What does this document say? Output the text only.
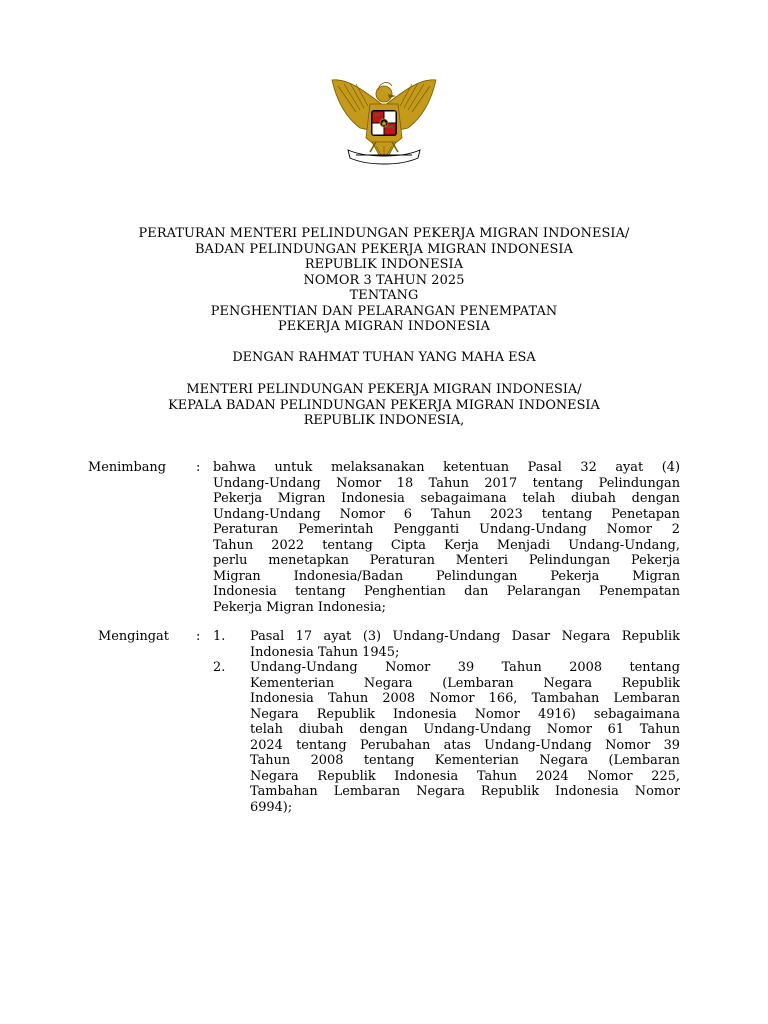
PERATURAN MENTERI PELINDUNGAN PEKERJA MIGRAN INDONESIA/
BADAN PELINDUNGAN PEKERJA MIGRAN INDONESIA
REPUBLIK INDONESIA
NOMOR 3 TAHUN 2025
TENTANG
PENGHENTIAN DAN PELARANGAN PENEMPATAN
PEKERJA MIGRAN INDONESIA
DENGAN RAHMAT TUHAN YANG MAHA ESA
MENTERI PELINDUNGAN PEKERJA MIGRAN INDONESIA/
KEPALA BADAN PELINDUNGAN PEKERJA MIGRAN INDONESIA
REPUBLIK INDONESIA,
Menimbang : bahwa untuk melaksanakan ketentuan Pasal 32 ayat (4)
Undang-Undang Nomor 18 Tahun 2017 tentang Pelindungan
Pekerja Migran Indonesia sebagaimana telah diubah dengan
Undang-Undang Nomor 6 Tahun 2023 tentang Penetapan
Peraturan Pemerintah Pengganti Undang-Undang Nomor 2
Tahun 2022 tentang Cipta Kerja Menjadi Undang-Undang,
perlu menetapkan Peraturan Menteri Pelindungan Pekerja
Migran Indonesia/Badan Pelindungan Pekerja Migran
Indonesia tentang Penghentian dan Pelarangan Penempatan
Pekerja Migran Indonesia;
Mengingat : 1. Pasal 17 ayat (3) Undang-Undang Dasar Negara Republik
Indonesia Tahun 1945;
2. Undang-Undang Nomor 39 Tahun 2008 tentang
Kementerian Negara (Lembaran Negara Republik
Indonesia Tahun 2008 Nomor 166, Tambahan Lembaran
Negara Republik Indonesia Nomor 4916) sebagaimana
telah diubah dengan Undang-Undang Nomor 61 Tahun
2024 tentang Perubahan atas Undang-Undang Nomor 39
Tahun 2008 tentang Kementerian Negara (Lembaran
Negara Republik Indonesia Tahun 2024 Nomor 225,
Tambahan Lembaran Negara Republik Indonesia Nomor
6994);
